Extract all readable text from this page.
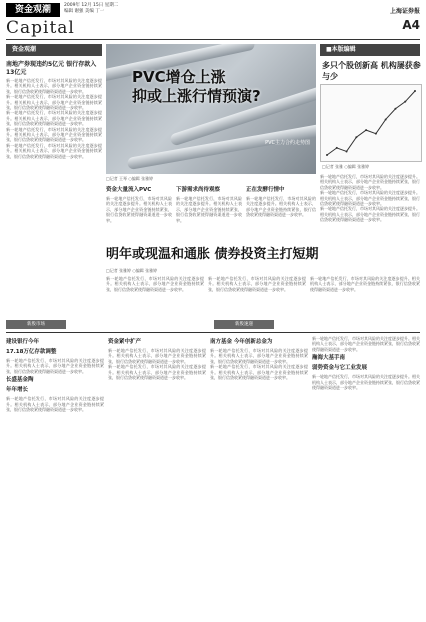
资金观潮
Capital
2009年 12月 15日 星期二
编辑 谢强 美编 丁一	上海证券报
A4
资金观潮
南地产券现违约5亿元 银行存款入13亿元
新一轮地产信托发行，市场对其风险的关注度逐步提升。相关机构人士表示，部分地产企业资金链持续紧张，银行信贷收紧使得融资渠道进一步收窄。
新一轮地产信托发行，市场对其风险的关注度逐步提升。相关机构人士表示，部分地产企业资金链持续紧张，银行信贷收紧使得融资渠道进一步收窄。
新一轮地产信托发行，市场对其风险的关注度逐步提升。相关机构人士表示，部分地产企业资金链持续紧张，银行信贷收紧使得融资渠道进一步收窄。
新一轮地产信托发行，市场对其风险的关注度逐步提升。相关机构人士表示，部分地产企业资金链持续紧张，银行信贷收紧使得融资渠道进一步收窄。
新一轮地产信托发行，市场对其风险的关注度逐步提升。相关机构人士表示，部分地产企业资金链持续紧张，银行信贷收紧使得融资渠道进一步收窄。
PVC增仓上涨
抑或上涨行情预演?
PVC主力合约走势图
□记者 王琴 ○编辑 张雅婷
■本版编辑
多只个股创新高 机构屡获参与少
□记者 张雅 ○编辑 张雅婷
资金大量流入PVC
新一轮地产信托发行，市场对其风险的关注度逐步提升。相关机构人士表示，部分地产企业资金链持续紧张，银行信贷收紧使得融资渠道进一步收窄。
下游需求尚待观察
新一轮地产信托发行，市场对其风险的关注度逐步提升。相关机构人士表示，部分地产企业资金链持续紧张，银行信贷收紧使得融资渠道进一步收窄。
正在发酵行情中
新一轮地产信托发行，市场对其风险的关注度逐步提升。相关机构人士表示，部分地产企业资金链持续紧张，银行信贷收紧使得融资渠道进一步收窄。
新一轮地产信托发行，市场对其风险的关注度逐步提升。相关机构人士表示，部分地产企业资金链持续紧张，银行信贷收紧使得融资渠道进一步收窄。
新一轮地产信托发行，市场对其风险的关注度逐步提升。相关机构人士表示，部分地产企业资金链持续紧张，银行信贷收紧使得融资渠道进一步收窄。
新一轮地产信托发行，市场对其风险的关注度逐步提升。相关机构人士表示，部分地产企业资金链持续紧张，银行信贷收紧使得融资渠道进一步收窄。
明年或现温和通胀 债券投资主打短期
□记者 张雅婷 ○编辑 张雅婷
新一轮地产信托发行，市场对其风险的关注度逐步提升。相关机构人士表示，部分地产企业资金链持续紧张，银行信贷收紧使得融资渠道进一步收窄。
新一轮地产信托发行，市场对其风险的关注度逐步提升。相关机构人士表示，部分地产企业资金链持续紧张，银行信贷收紧使得融资渠道进一步收窄。
新一轮地产信托发行，市场对其风险的关注度逐步提升。相关机构人士表示，部分地产企业资金链持续紧张，银行信贷收紧使得融资渠道进一步收窄。
新股市场	新股速递
建设银行今年
17.18万亿存款调整
新一轮地产信托发行，市场对其风险的关注度逐步提升。相关机构人士表示，部分地产企业资金链持续紧张，银行信贷收紧使得融资渠道进一步收窄。
长盛基金陶
年年增长
新一轮地产信托发行，市场对其风险的关注度逐步提升。相关机构人士表示，部分地产企业资金链持续紧张，银行信贷收紧使得融资渠道进一步收窄。
资金紧中扩产
新一轮地产信托发行，市场对其风险的关注度逐步提升。相关机构人士表示，部分地产企业资金链持续紧张，银行信贷收紧使得融资渠道进一步收窄。
新一轮地产信托发行，市场对其风险的关注度逐步提升。相关机构人士表示，部分地产企业资金链持续紧张，银行信贷收紧使得融资渠道进一步收窄。
南方基金 今年创新总金为
新一轮地产信托发行，市场对其风险的关注度逐步提升。相关机构人士表示，部分地产企业资金链持续紧张，银行信贷收紧使得融资渠道进一步收窄。
新一轮地产信托发行，市场对其风险的关注度逐步提升。相关机构人士表示，部分地产企业资金链持续紧张，银行信贷收紧使得融资渠道进一步收窄。
新一轮地产信托发行，市场对其风险的关注度逐步提升。相关机构人士表示，部分地产企业资金链持续紧张，银行信贷收紧使得融资渠道进一步收窄。
瀚海大基手南
弱势资金与它工业发展
新一轮地产信托发行，市场对其风险的关注度逐步提升。相关机构人士表示，部分地产企业资金链持续紧张，银行信贷收紧使得融资渠道进一步收窄。
